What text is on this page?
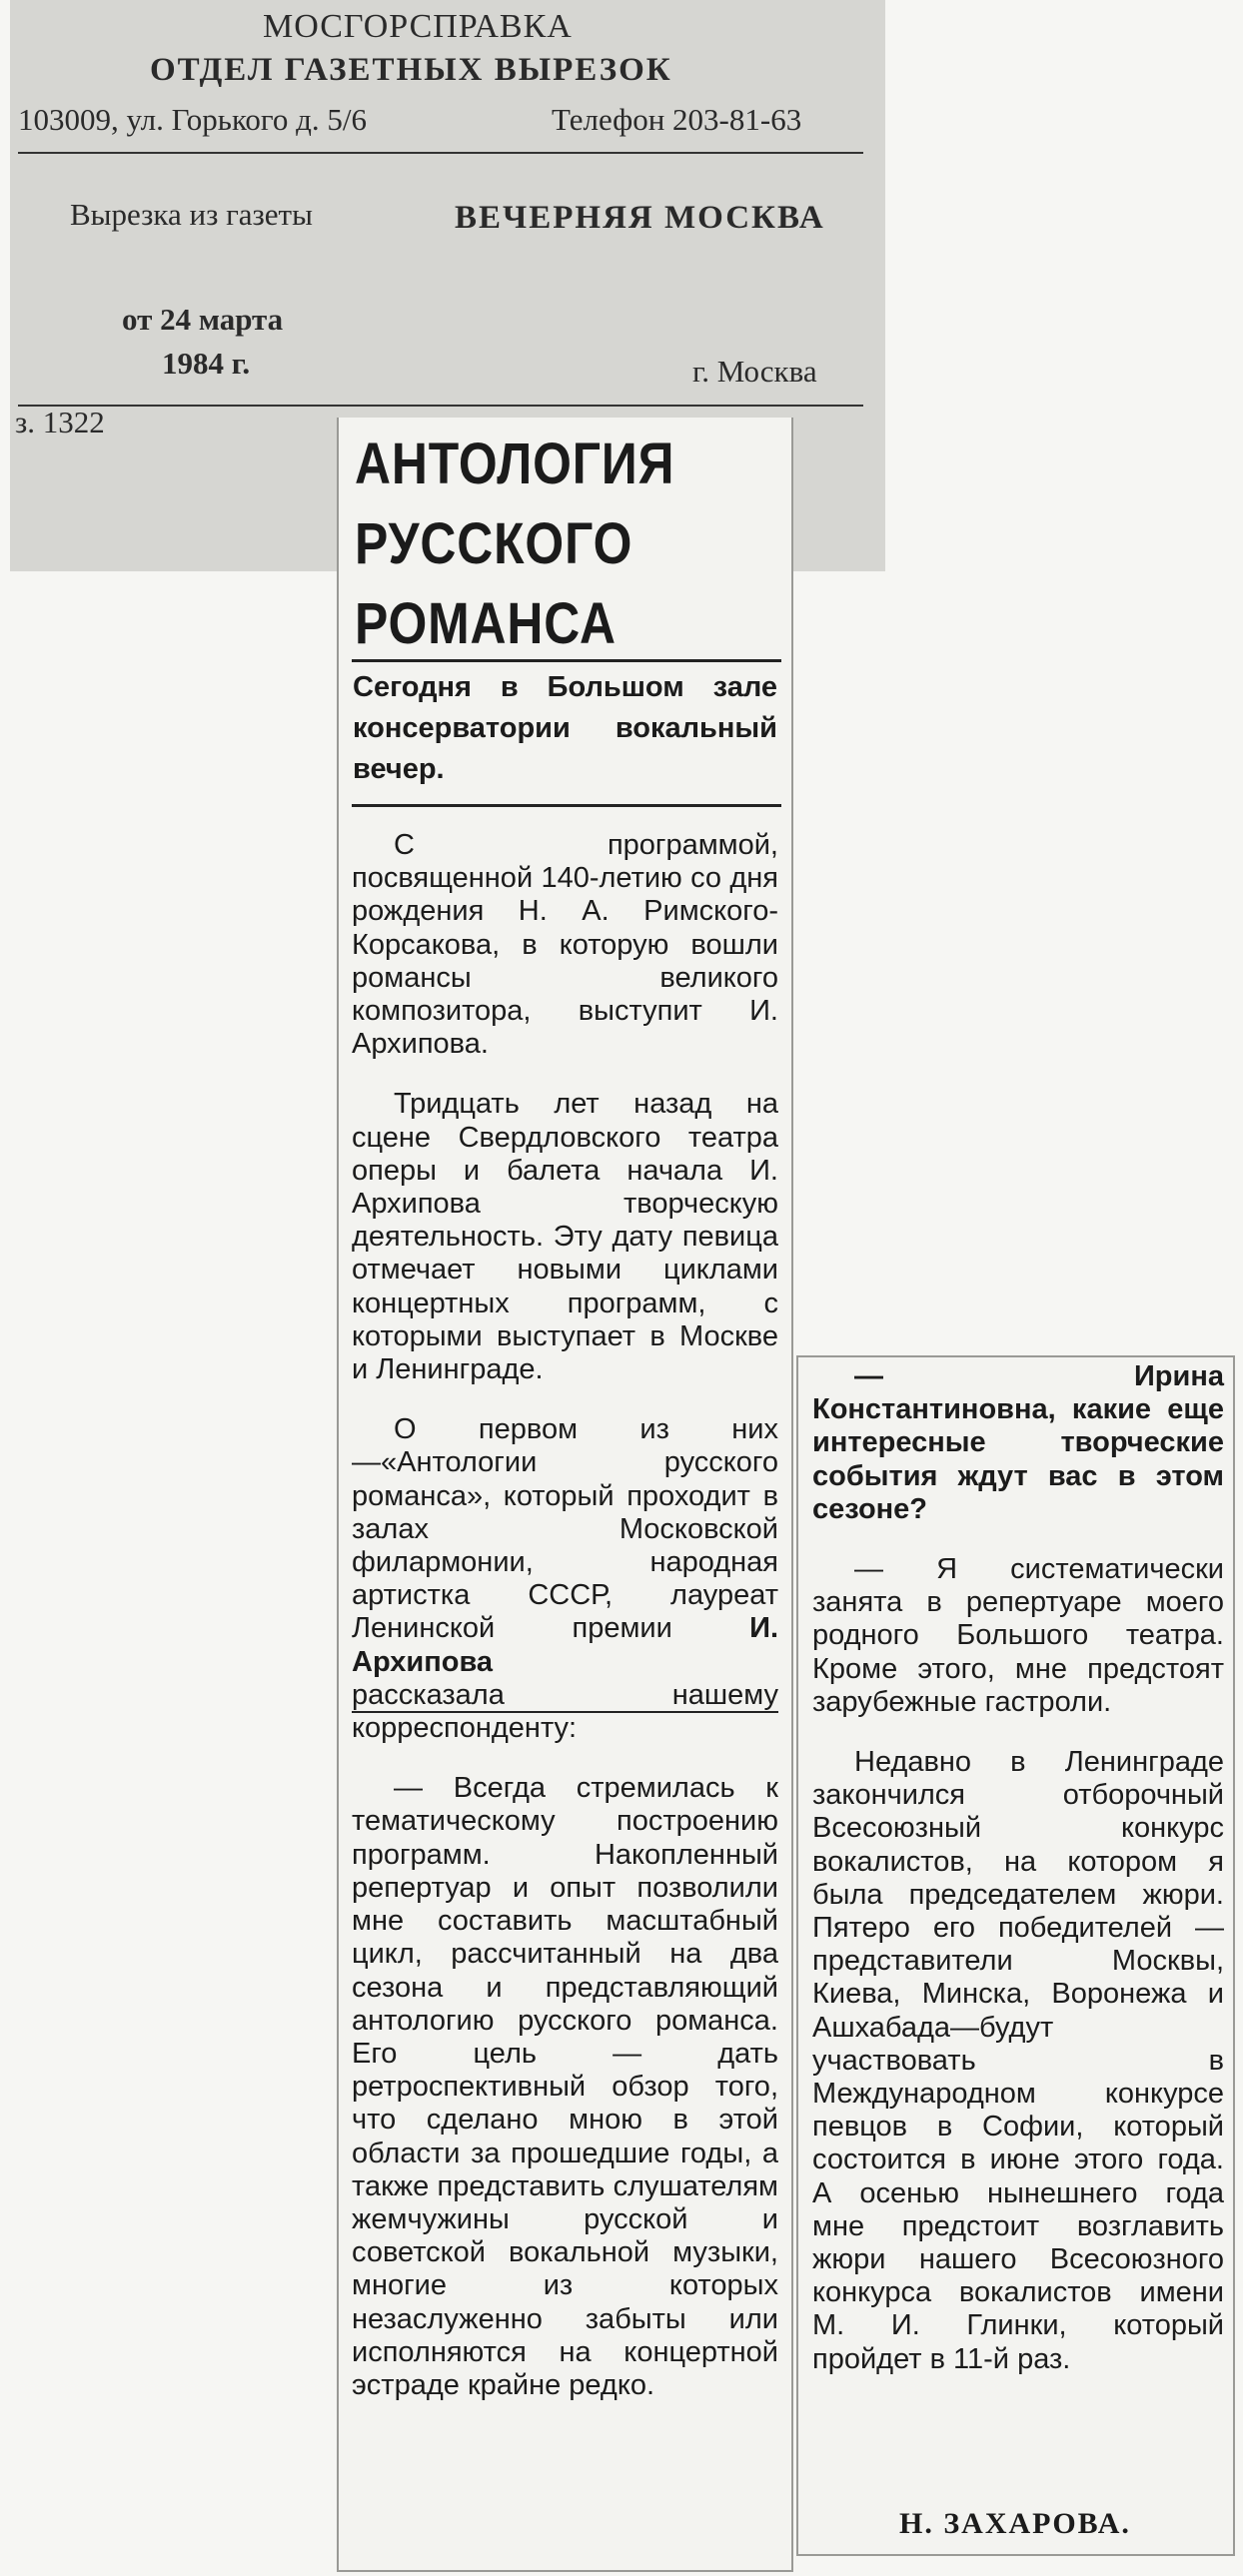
МОСГОРСПРАВКА
ОТДЕЛ ГАЗЕТНЫХ ВЫРЕЗОК
103009, ул. Горького д. 5/6	Телефон 203-81-63
Вырезка из газеты	ВЕЧЕРНЯЯ МОСКВА
от 24 марта
1984 г.	г. Москва
з. 1322
АНТОЛОГИЯ
РУССКОГО
РОМАНСА
Сегодня в Большом зале консерватории вокальный вечер.

С программой, посвященной 140-летию со дня рождения Н. А. Римского-Корсакова, в которую вошли романсы великого композитора, выступит И. Архипова.

Тридцать лет назад на сцене Свердловского театра оперы и балета начала И. Архипова творческую деятельность. Эту дату певица отмечает новыми циклами концертных программ, с которыми выступает в Москве и Ленинграде.

О первом из них—«Антологии русского романса», который проходит в залах Московской филармонии, народная артистка СССР, лауреат Ленинской премии И. Архипова
рассказала нашему корреспонденту:

— Всегда стремилась к тематическому построению программ. Накопленный репертуар и опыт позволили мне составить масштабный цикл, рассчитанный на два сезона и представляющий антологию русского романса. Его цель — дать ретроспективный обзор того, что сделано мною в этой области за прошедшие годы, а также представить слушателям жемчужины русской и советской вокальной музыки, многие из которых незаслуженно забыты или исполняются на концертной эстраде крайне редко.

— Ирина Константиновна, какие еще интересные творческие события ждут вас в этом сезоне?

— Я систематически занята в репертуаре моего родного Большого театра. Кроме этого, мне предстоят зарубежные гастроли.

Недавно в Ленинграде закончился отборочный Всесоюзный конкурс вокалистов, на котором я была председателем жюри. Пятеро его победителей — представители Москвы, Киева, Минска, Воронежа и Ашхабада—будут участвовать в Международном конкурсе певцов в Софии, который состоится в июне этого года. А осенью нынешнего года мне предстоит возглавить жюри нашего Всесоюзного конкурса вокалистов имени М. И. Глинки, который пройдет в 11-й раз.

Н. ЗАХАРОВА.
